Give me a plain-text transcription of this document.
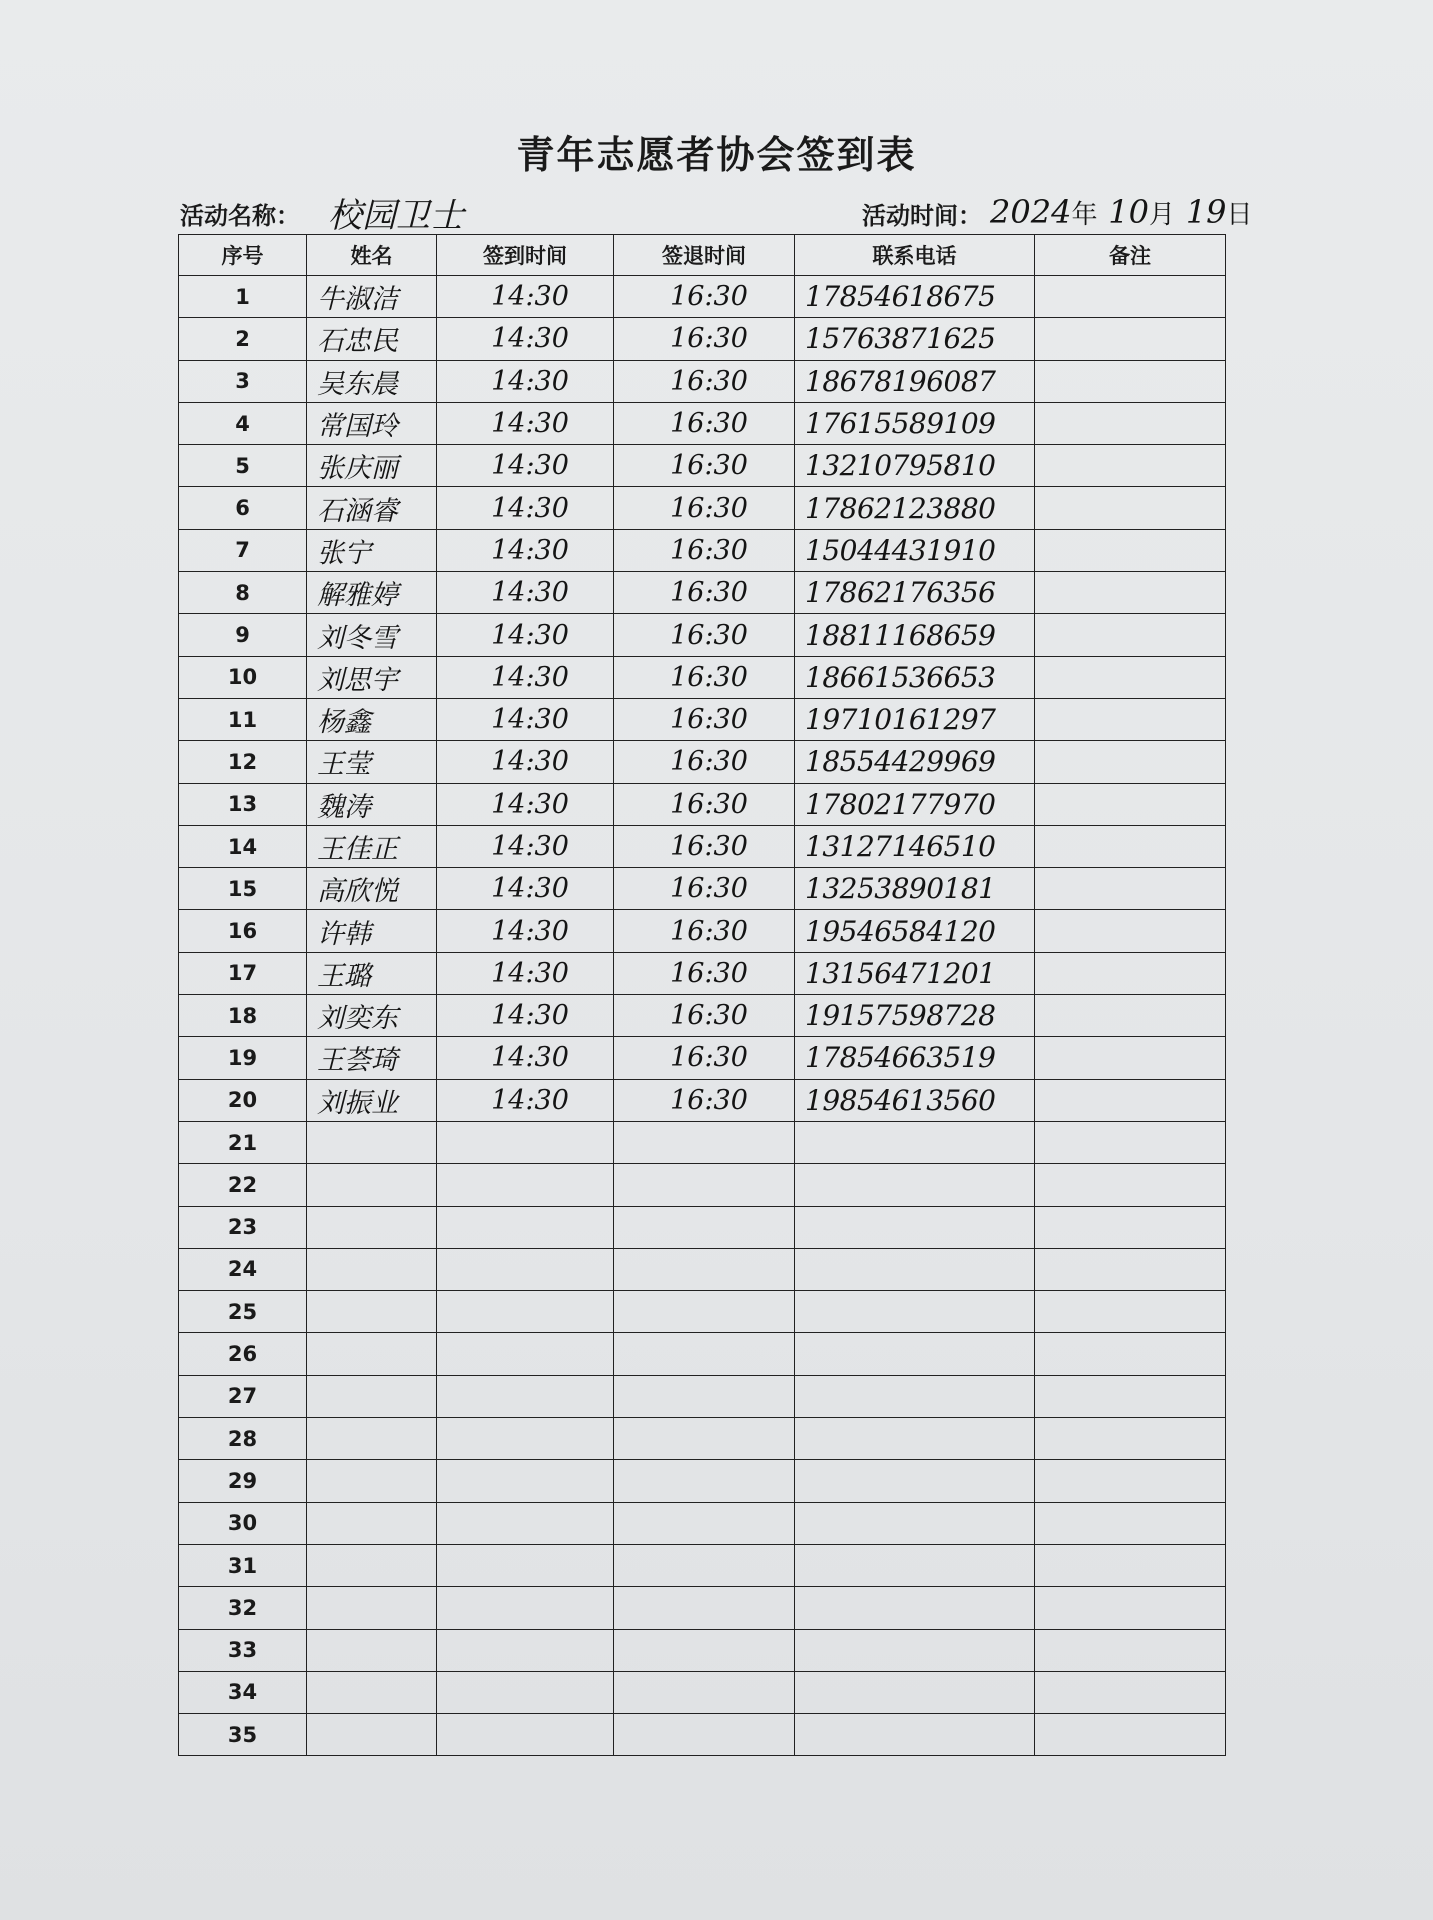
青年志愿者协会签到表
活动名称： 校园卫士	活动时间： 2024年 10月 19日
序号	姓名	签到时间	签退时间	联系电话	备注
1	牛淑洁	14:30	16:30	17854618675	
2	石忠民	14:30	16:30	15763871625	
3	吴东晨	14:30	16:30	18678196087	
4	常国玲	14:30	16:30	17615589109	
5	张庆丽	14:30	16:30	13210795810	
6	石涵睿	14:30	16:30	17862123880	
7	张宁	14:30	16:30	15044431910	
8	解雅婷	14:30	16:30	17862176356	
9	刘冬雪	14:30	16:30	18811168659	
10	刘思宇	14:30	16:30	18661536653	
11	杨鑫	14:30	16:30	19710161297	
12	王莹	14:30	16:30	18554429969	
13	魏涛	14:30	16:30	17802177970	
14	王佳正	14:30	16:30	13127146510	
15	高欣悦	14:30	16:30	13253890181	
16	许韩	14:30	16:30	19546584120	
17	王璐	14:30	16:30	13156471201	
18	刘奕东	14:30	16:30	19157598728	
19	王荟琦	14:30	16:30	17854663519	
20	刘振业	14:30	16:30	19854613560	
21					
22					
23					
24					
25					
26					
27					
28					
29					
30					
31					
32					
33					
34					
35					
